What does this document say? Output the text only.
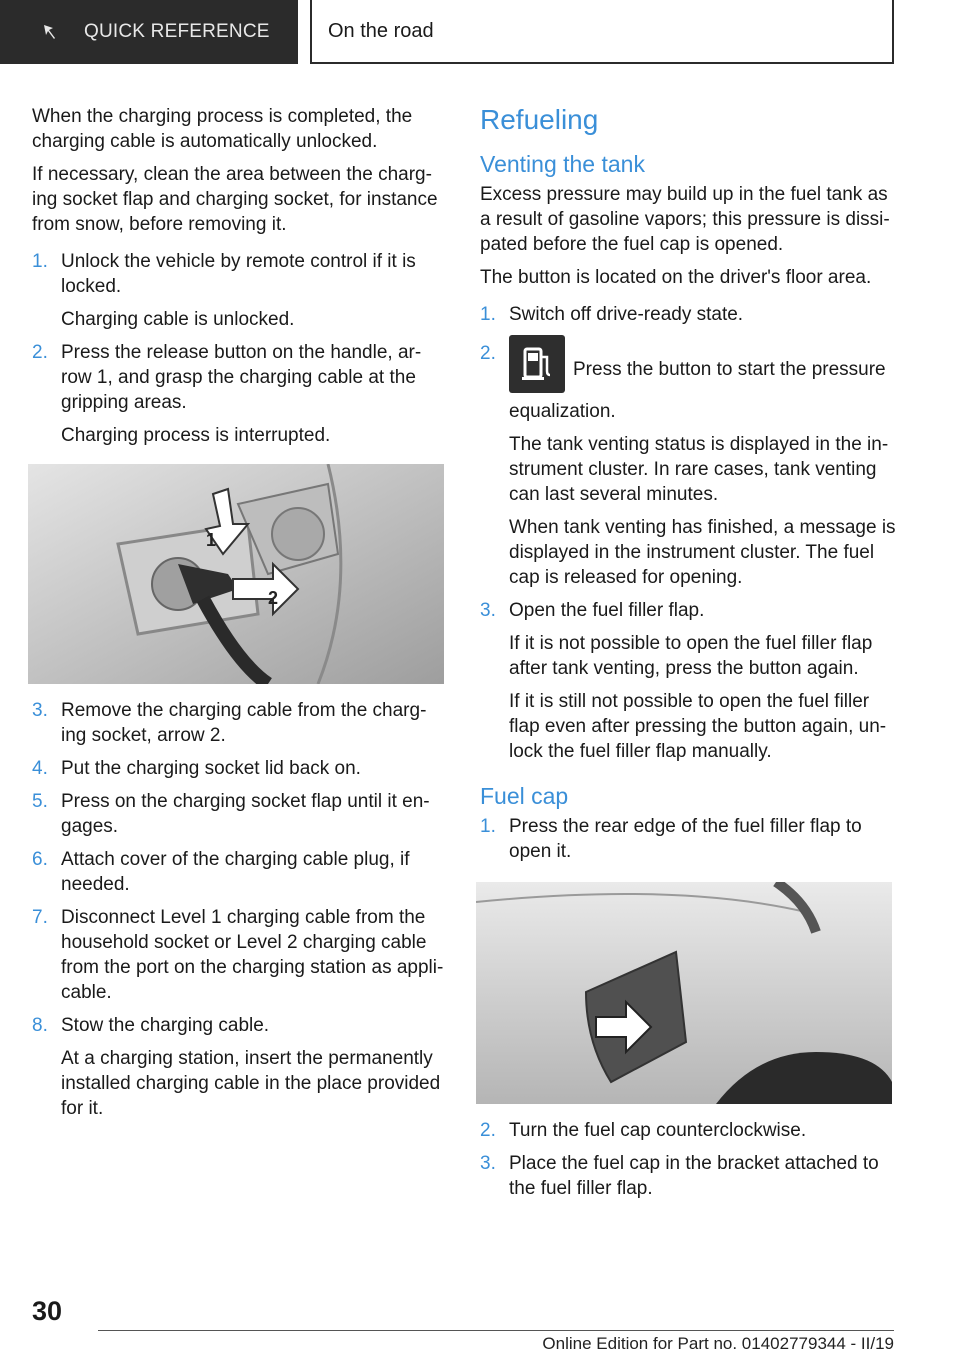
QUICK REFERENCE	On the road

When the charging process is completed, the charging cable is automatically unlocked.

If necessary, clean the area between the charg‐ing socket flap and charging socket, for instance from snow, before removing it.

1. Unlock the vehicle by remote control if it is locked.

Charging cable is unlocked.

2. Press the release button on the handle, ar‐row 1, and grasp the charging cable at the gripping areas.

Charging process is interrupted.

1
2
3. Remove the charging cable from the charg‐ing socket, arrow 2.

4. Put the charging socket lid back on.

5. Press on the charging socket flap until it en‐gages.

6. Attach cover of the charging cable plug, if needed.

7. Disconnect Level 1 charging cable from the household socket or Level 2 charging cable from the port on the charging station as appli‐cable.

8. Stow the charging cable.

At a charging station, insert the permanently installed charging cable in the place provided for it.

Refueling
Venting the tank

Excess pressure may build up in the fuel tank as a result of gasoline vapors; this pressure is dissi‐pated before the fuel cap is opened.

The button is located on the driver's floor area.

1. Switch off drive-ready state.

2.

Press the button to start the pressure equalization.

The tank venting status is displayed in the in‐strument cluster. In rare cases, tank venting can last several minutes.

When tank venting has finished, a message is displayed in the instrument cluster. The fuel cap is released for opening.

3. Open the fuel filler flap.

If it is not possible to open the fuel filler flap after tank venting, press the button again.

If it is still not possible to open the fuel filler flap even after pressing the button again, un‐lock the fuel filler flap manually.

Fuel cap
1. Press the rear edge of the fuel filler flap to open it.

2. Turn the fuel cap counterclockwise.

3. Place the fuel cap in the bracket attached to the fuel filler flap.

30
Online Edition for Part no. 01402779344 - II/19
